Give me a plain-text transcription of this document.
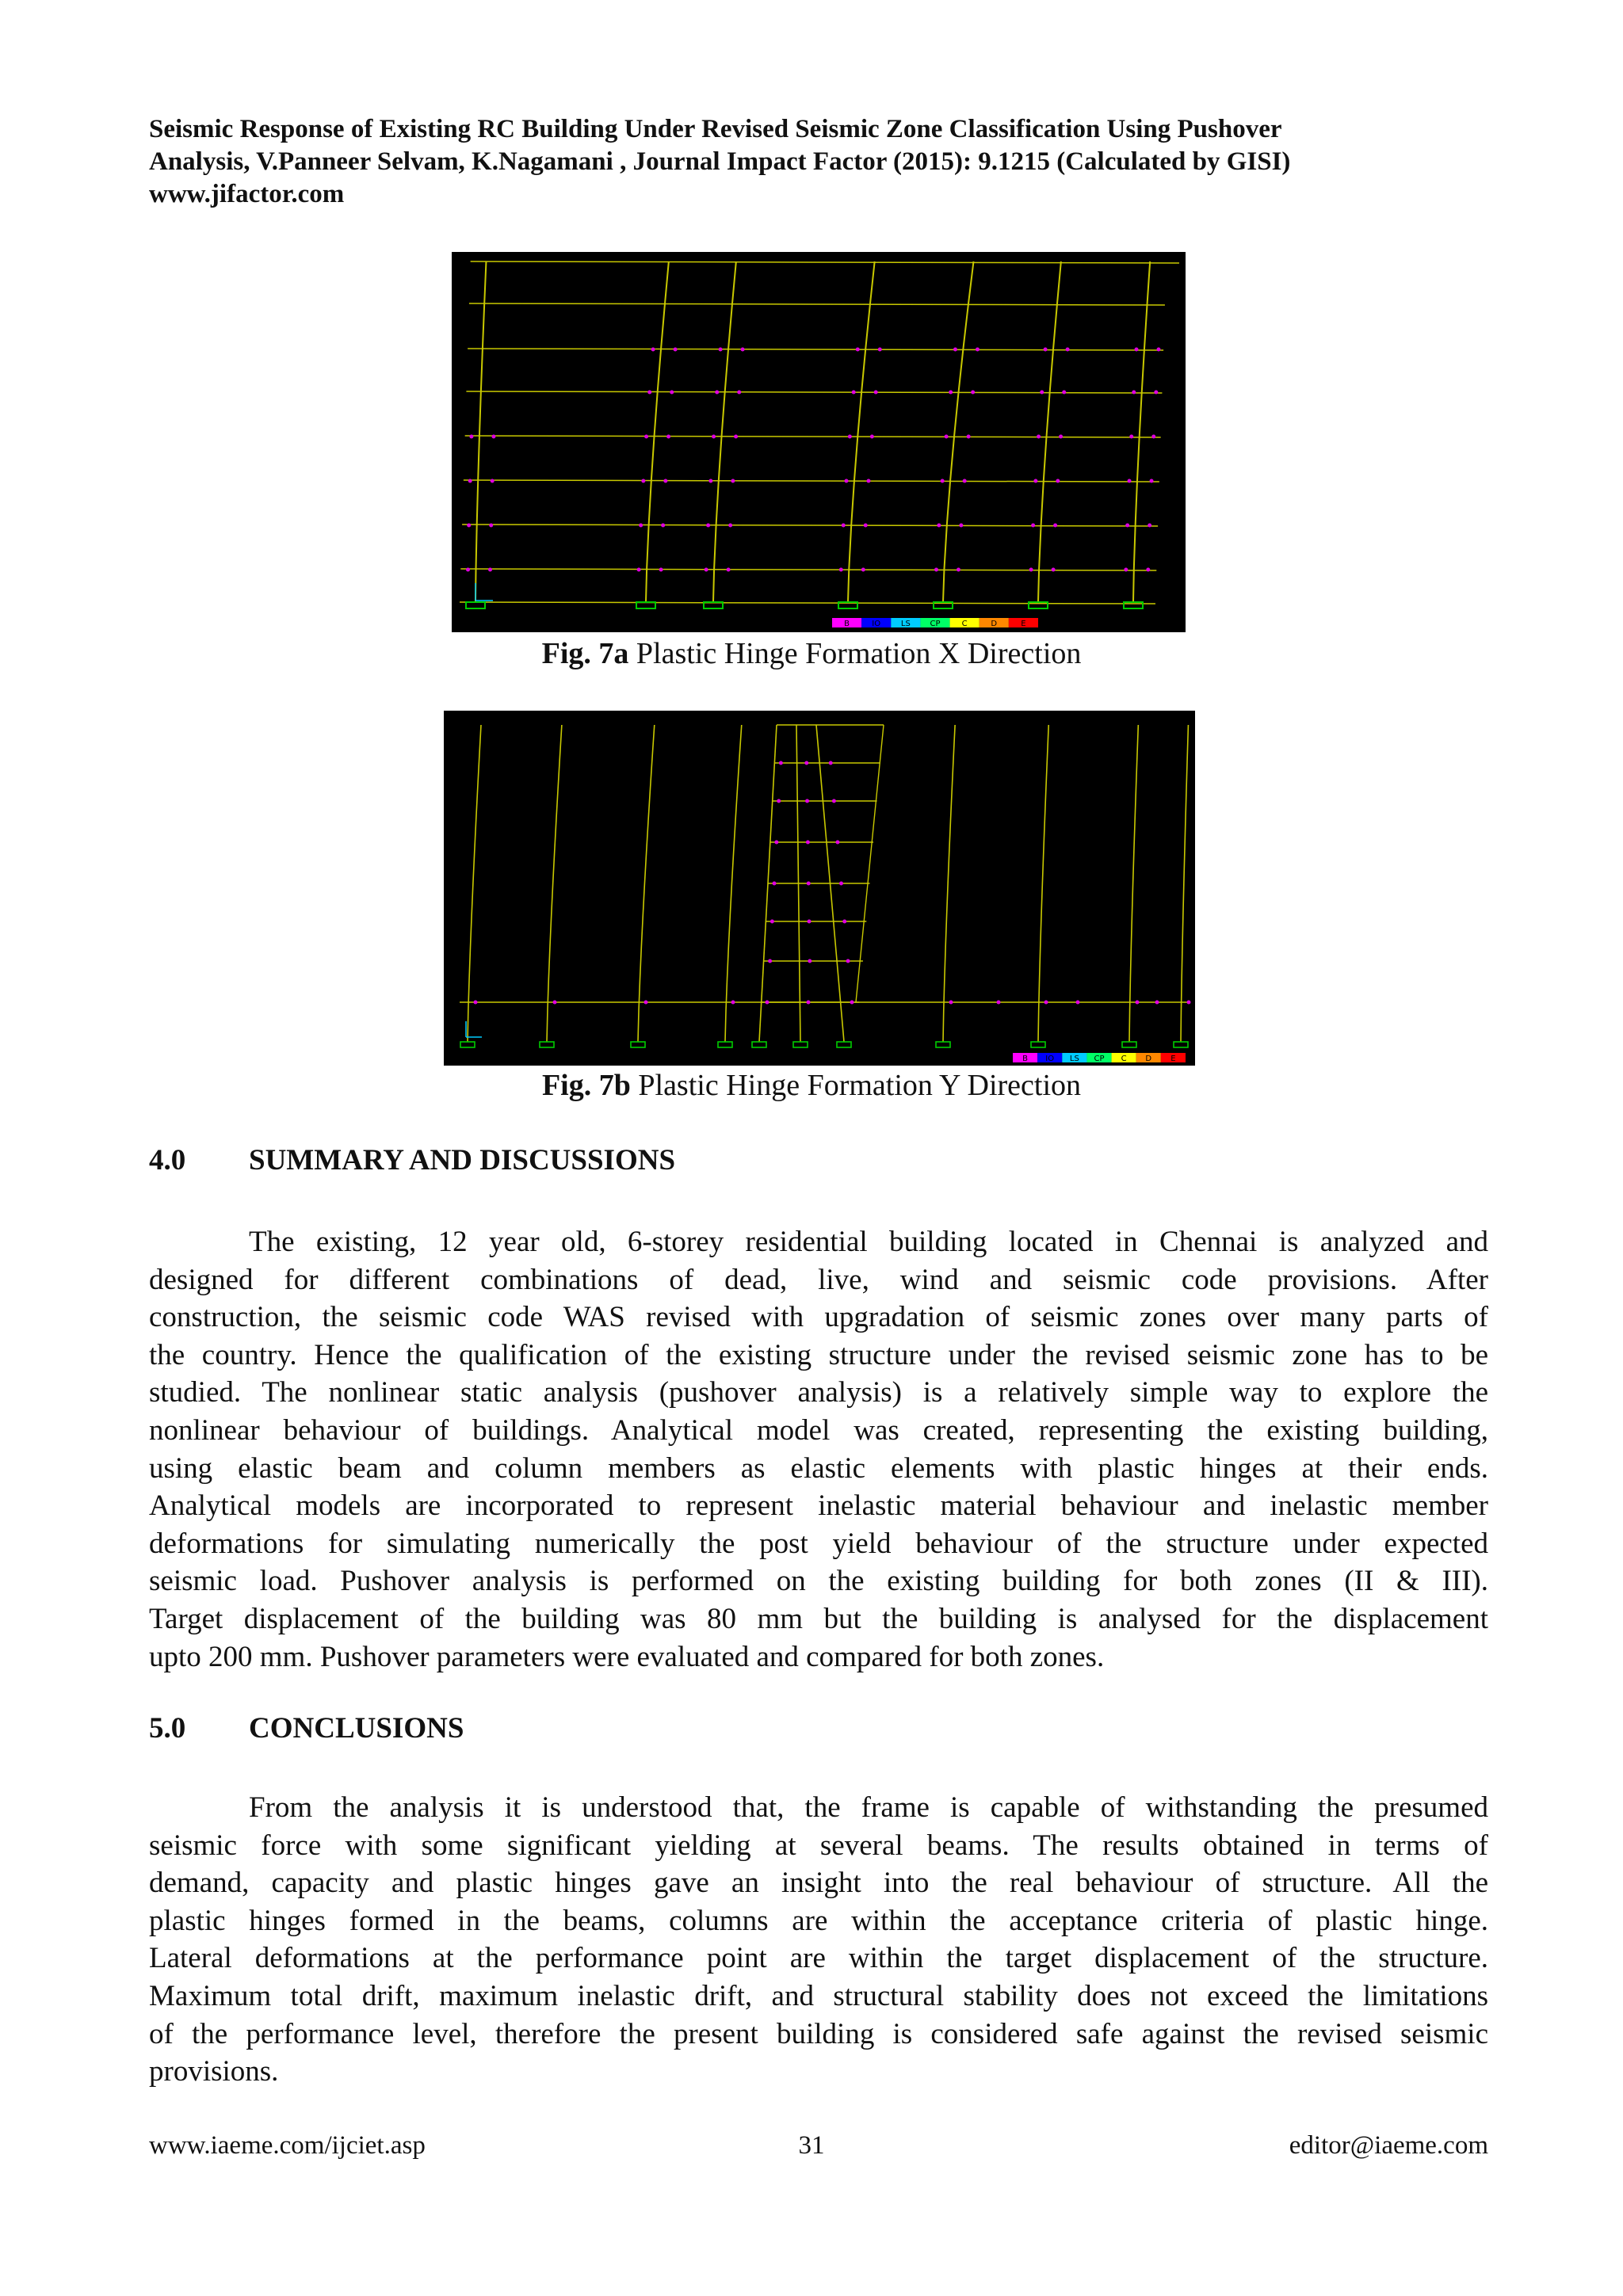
Seismic Response of Existing RC Building Under Revised Seismic Zone Classification Using Pushover
Analysis, V.Panneer Selvam, K.Nagamani , Journal Impact Factor (2015): 9.1215 (Calculated by GISI)
www.jifactor.com
B	IO	LS CP	C	D	E
Fig. 7a Plastic Hinge Formation X Direction
B IO LS CP C D E
Fig. 7b Plastic Hinge Formation Y Direction
4.0 SUMMARY AND DISCUSSIONS
The existing, 12 year old, 6-storey residential building located in Chennai is analyzed and
designed for different combinations of dead, live, wind and seismic code provisions. After
construction, the seismic code WAS revised with upgradation of seismic zones over many parts of
the country. Hence the qualification of the existing structure under the revised seismic zone has to be
studied. The nonlinear static analysis (pushover analysis) is a relatively simple way to explore the
nonlinear behaviour of buildings. Analytical model was created, representing the existing building,
using elastic beam and column members as elastic elements with plastic hinges at their ends.
Analytical models are incorporated to represent inelastic material behaviour and inelastic member
deformations for simulating numerically the post yield behaviour of the structure under expected
seismic load. Pushover analysis is performed on the existing building for both zones (II & III).
Target displacement of the building was 80 mm but the building is analysed for the displacement
upto 200 mm. Pushover parameters were evaluated and compared for both zones.
5.0 CONCLUSIONS
From the analysis it is understood that, the frame is capable of withstanding the presumed
seismic force with some significant yielding at several beams. The results obtained in terms of
demand, capacity and plastic hinges gave an insight into the real behaviour of structure. All the
plastic hinges formed in the beams, columns are within the acceptance criteria of plastic hinge.
Lateral deformations at the performance point are within the target displacement of the structure.
Maximum total drift, maximum inelastic drift, and structural stability does not exceed the limitations
of the performance level, therefore the present building is considered safe against the revised seismic
provisions.
www.iaeme.com/ijciet.asp	31	editor@iaeme.com
